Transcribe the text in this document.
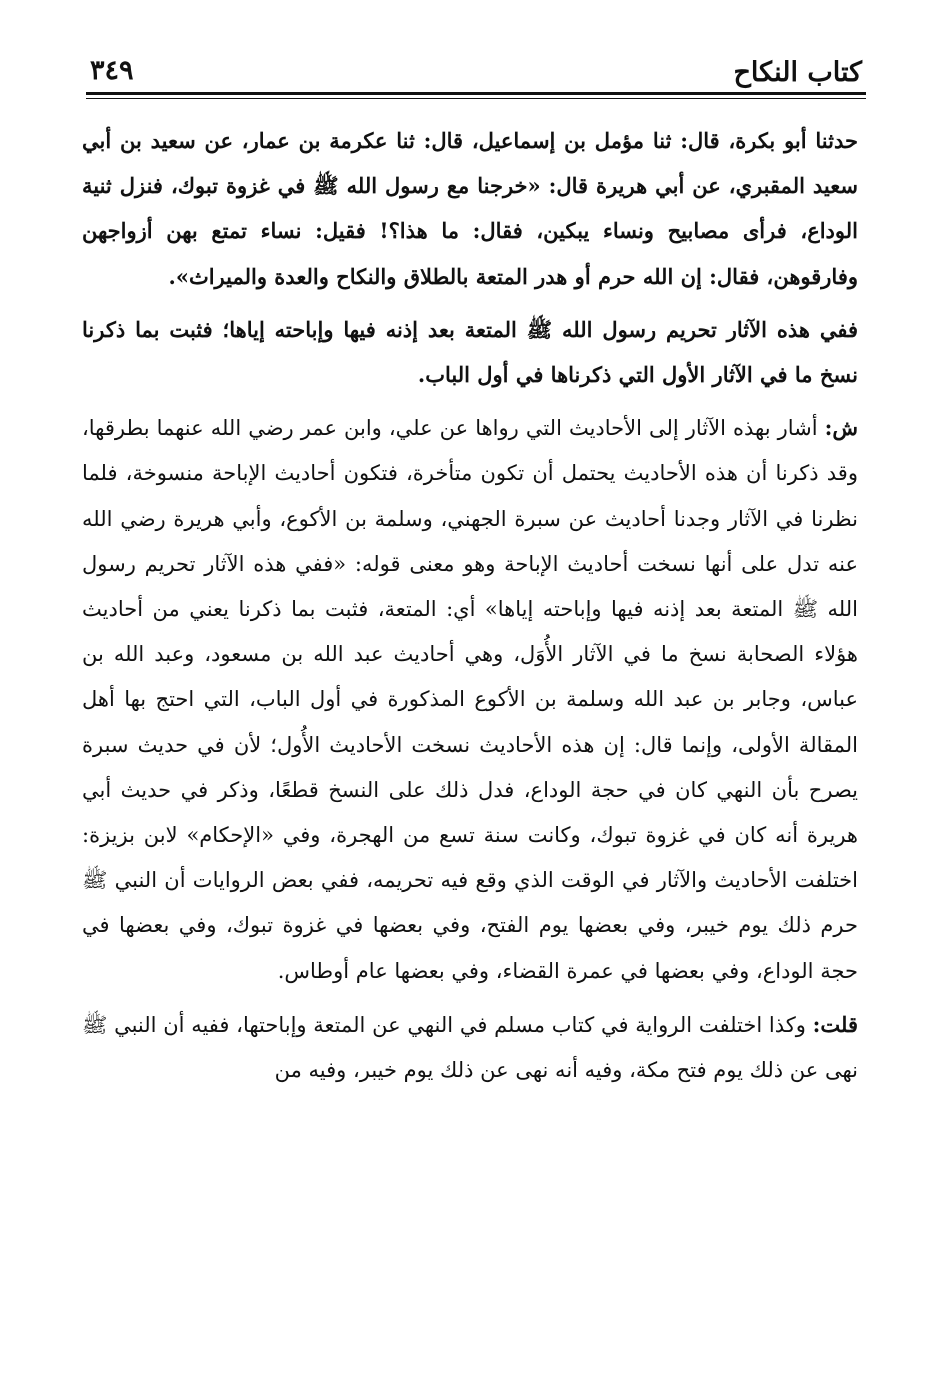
كتاب النكاح
٣٤٩

حدثنا أبو بكرة، قال: ثنا مؤمل بن إسماعيل، قال: ثنا عكرمة بن عمار، عن سعيد بن أبي سعيد المقبري، عن أبي هريرة قال: «خرجنا مع رسول الله ﷺ في غزوة تبوك، فنزل ثنية الوداع، فرأى مصابيح ونساء يبكين، فقال: ما هذا؟! فقيل: نساء تمتع بهن أزواجهن وفارقوهن، فقال: إن الله حرم أو هدر المتعة بالطلاق والنكاح والعدة والميراث».

ففي هذه الآثار تحريم رسول الله ﷺ المتعة بعد إذنه فيها وإباحته إياها؛ فثبت بما ذكرنا نسخ ما في الآثار الأول التي ذكرناها في أول الباب.

ش: أشار بهذه الآثار إلى الأحاديث التي رواها عن علي، وابن عمر رضي الله عنهما بطرقها، وقد ذكرنا أن هذه الأحاديث يحتمل أن تكون متأخرة، فتكون أحاديث الإباحة منسوخة، فلما نظرنا في الآثار وجدنا أحاديث عن سبرة الجهني، وسلمة بن الأكوع، وأبي هريرة رضي الله عنه تدل على أنها نسخت أحاديث الإباحة وهو معنى قوله: «ففي هذه الآثار تحريم رسول الله ﷺ المتعة بعد إذنه فيها وإباحته إياها» أي: المتعة، فثبت بما ذكرنا يعني من أحاديث هؤلاء الصحابة نسخ ما في الآثار الأُوَل، وهي أحاديث عبد الله بن مسعود، وعبد الله بن عباس، وجابر بن عبد الله وسلمة بن الأكوع المذكورة في أول الباب، التي احتج بها أهل المقالة الأولى، وإنما قال: إن هذه الأحاديث نسخت الأحاديث الأُول؛ لأن في حديث سبرة يصرح بأن النهي كان في حجة الوداع، فدل ذلك على النسخ قطعًا، وذكر في حديث أبي هريرة أنه كان في غزوة تبوك، وكانت سنة تسع من الهجرة، وفي «الإحكام» لابن بزيزة: اختلفت الأحاديث والآثار في الوقت الذي وقع فيه تحريمه، ففي بعض الروايات أن النبي ﷺ حرم ذلك يوم خيبر، وفي بعضها يوم الفتح، وفي بعضها في غزوة تبوك، وفي بعضها في حجة الوداع، وفي بعضها في عمرة القضاء، وفي بعضها عام أوطاس.

قلت: وكذا اختلفت الرواية في كتاب مسلم في النهي عن المتعة وإباحتها، ففيه أن النبي ﷺ نهى عن ذلك يوم فتح مكة، وفيه أنه نهى عن ذلك يوم خيبر، وفيه من
